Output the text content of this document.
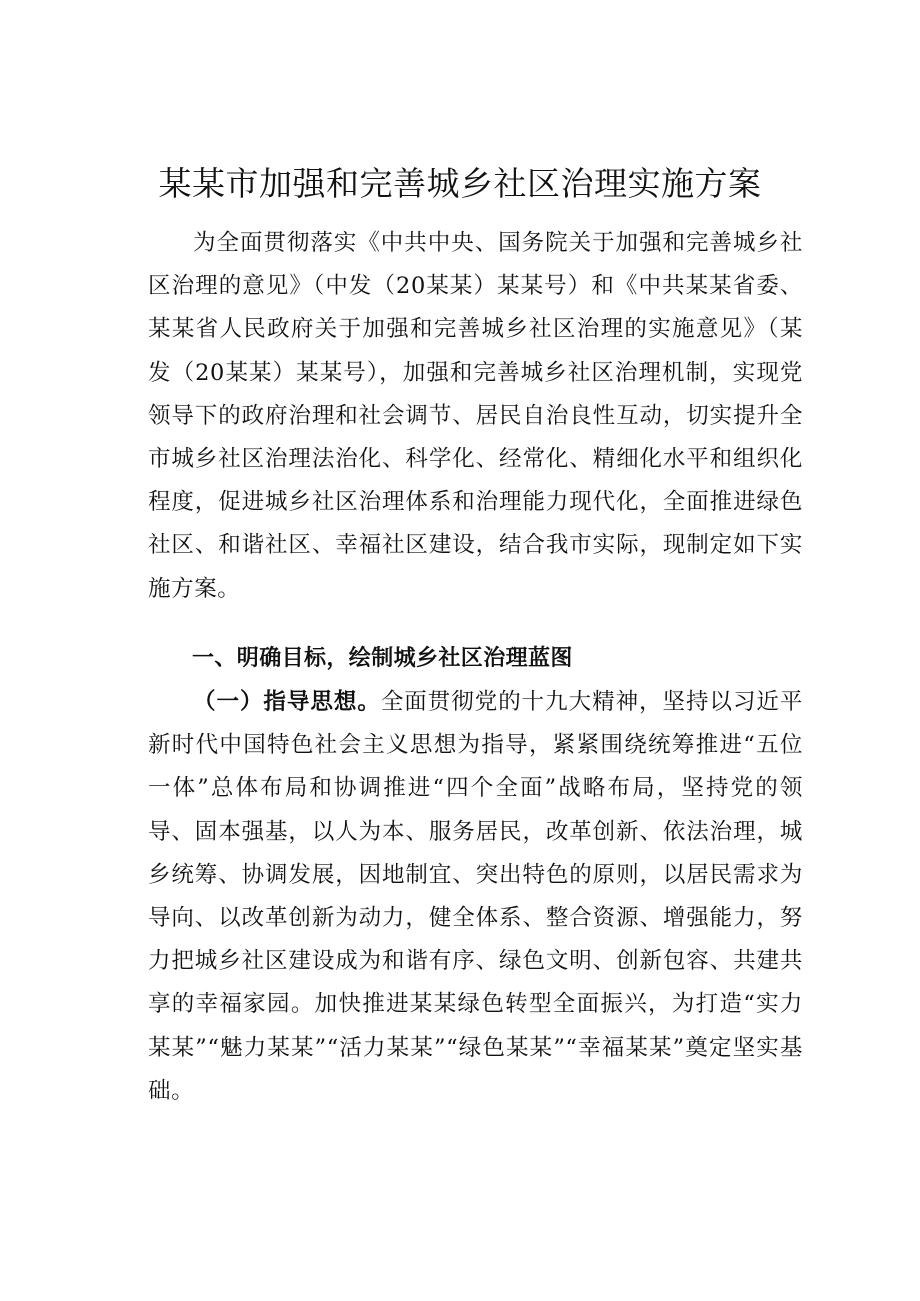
某某市加强和完善城乡社区治理实施方案

为全面贯彻落实《中共中央、国务院关于加强和完善城乡社区治理的意见》（中发（20某某）某某号）和《中共某某省委、某某省人民政府关于加强和完善城乡社区治理的实施意见》（某发（20某某）某某号），加强和完善城乡社区治理机制，实现党领导下的政府治理和社会调节、居民自治良性互动，切实提升全市城乡社区治理法治化、科学化、经常化、精细化水平和组织化程度，促进城乡社区治理体系和治理能力现代化，全面推进绿色社区、和谐社区、幸福社区建设，结合我市实际，现制定如下实施方案。

一、明确目标，绘制城乡社区治理蓝图

（一）指导思想。全面贯彻党的十九大精神，坚持以习近平新时代中国特色社会主义思想为指导，紧紧围绕统筹推进“五位一体”总体布局和协调推进“四个全面”战略布局，坚持党的领导、固本强基，以人为本、服务居民，改革创新、依法治理，城乡统筹、协调发展，因地制宜、突出特色的原则，以居民需求为导向、以改革创新为动力，健全体系、整合资源、增强能力，努力把城乡社区建设成为和谐有序、绿色文明、创新包容、共建共享的幸福家园。加快推进某某绿色转型全面振兴，为打造“实力某某”“魅力某某”“活力某某”“绿色某某”“幸福某某”奠定坚实基础。
